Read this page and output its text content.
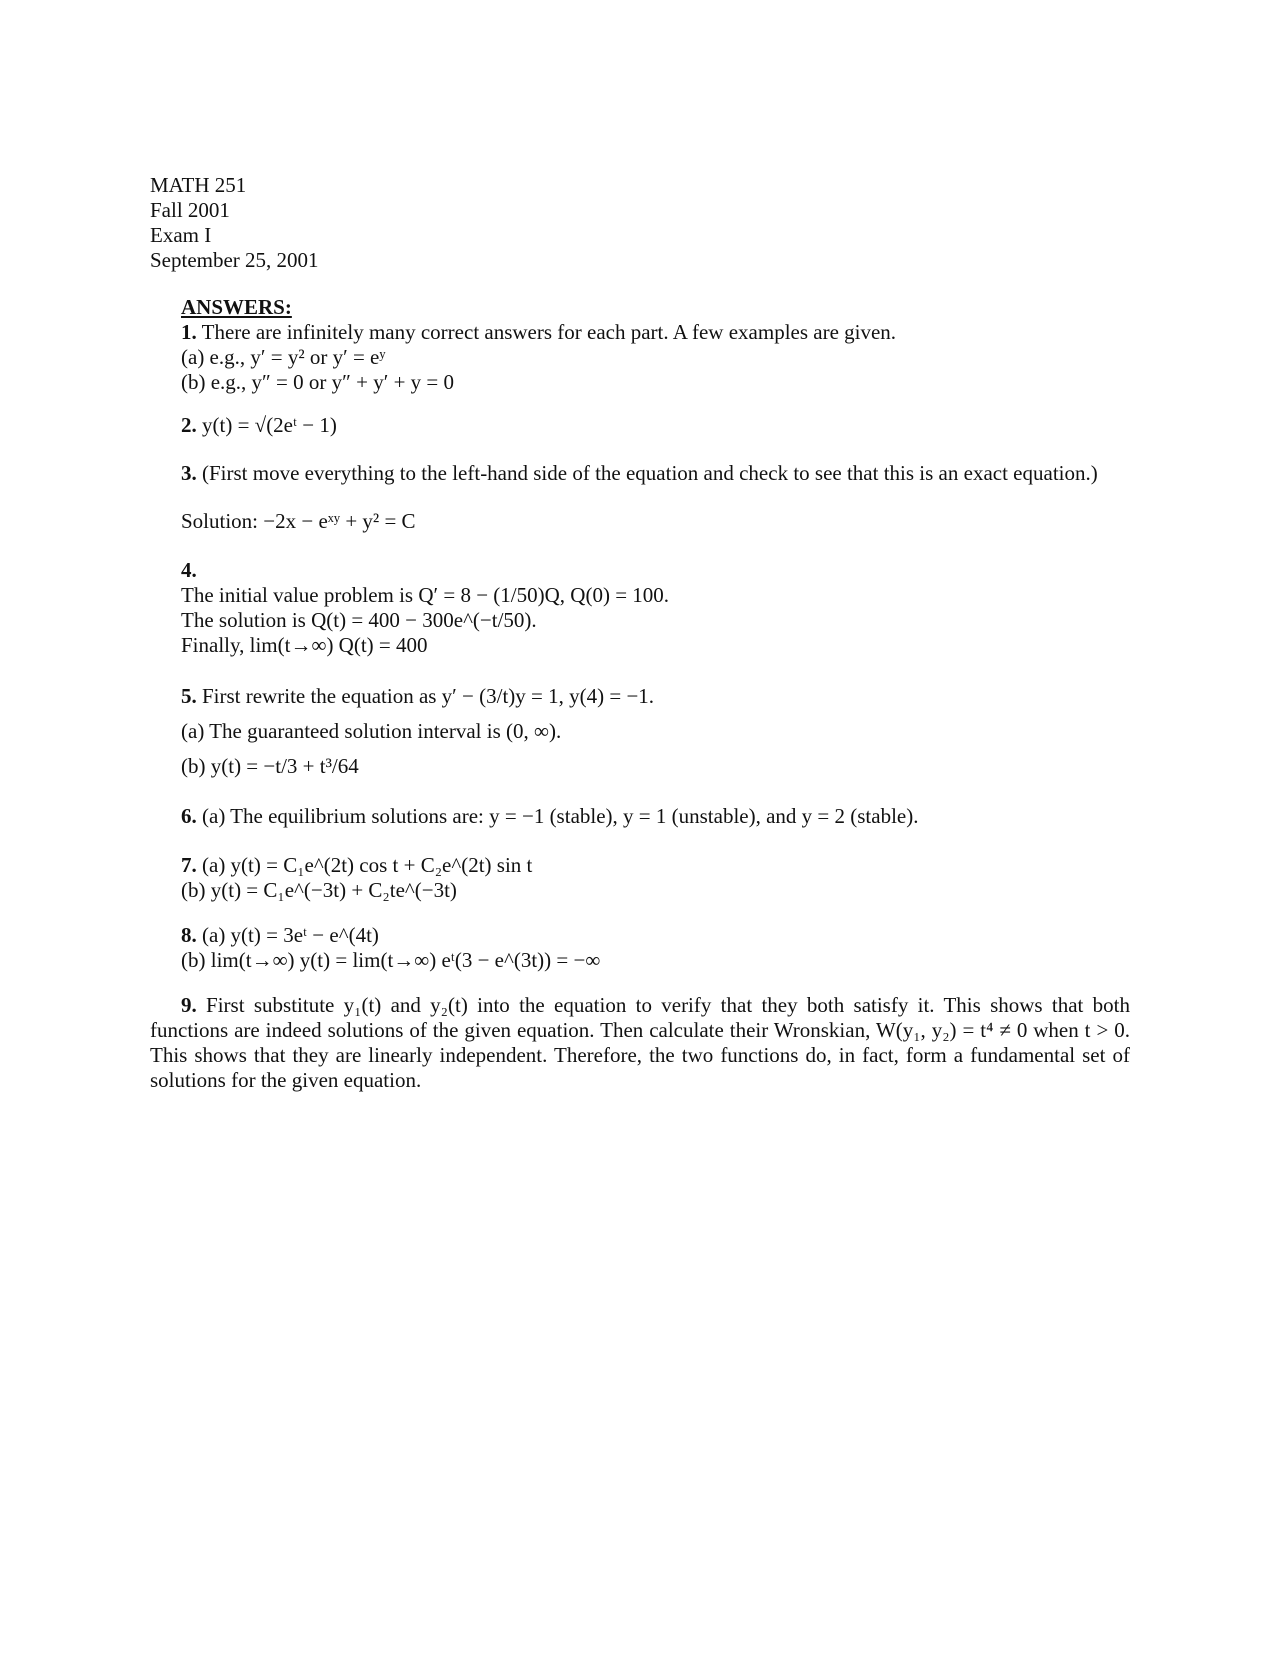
MATH 251
Fall 2001
Exam I
September 25, 2001
ANSWERS:
1. There are infinitely many correct answers for each part. A few examples are given.
(a) e.g., y′ = y² or y′ = eʸ
(b) e.g., y″ = 0 or y″ + y′ + y = 0
2. y(t) = √(2eᵗ − 1)
3. (First move everything to the left-hand side of the equation and check to see that this is an exact equation.)
Solution: −2x − eˣʸ + y² = C
4.
The initial value problem is Q′ = 8 − (1/50)Q, Q(0) = 100.
The solution is Q(t) = 400 − 300e^(−t/50).
Finally, lim(t→∞) Q(t) = 400
5. First rewrite the equation as y′ − (3/t)y = 1, y(4) = −1.
(a) The guaranteed solution interval is (0, ∞).
(b) y(t) = −t/3 + t³/64
6. (a) The equilibrium solutions are: y = −1 (stable), y = 1 (unstable), and y = 2 (stable).
7. (a) y(t) = C₁e^(2t) cos t + C₂e^(2t) sin t
(b) y(t) = C₁e^(−3t) + C₂te^(−3t)
8. (a) y(t) = 3eᵗ − e^(4t)
(b) lim(t→∞) y(t) = lim(t→∞) eᵗ(3 − e^(3t)) = −∞
9. First substitute y₁(t) and y₂(t) into the equation to verify that they both satisfy it. This shows that both functions are indeed solutions of the given equation. Then calculate their Wronskian, W(y₁, y₂) = t⁴ ≠ 0 when t > 0. This shows that they are linearly independent. Therefore, the two functions do, in fact, form a fundamental set of solutions for the given equation.
